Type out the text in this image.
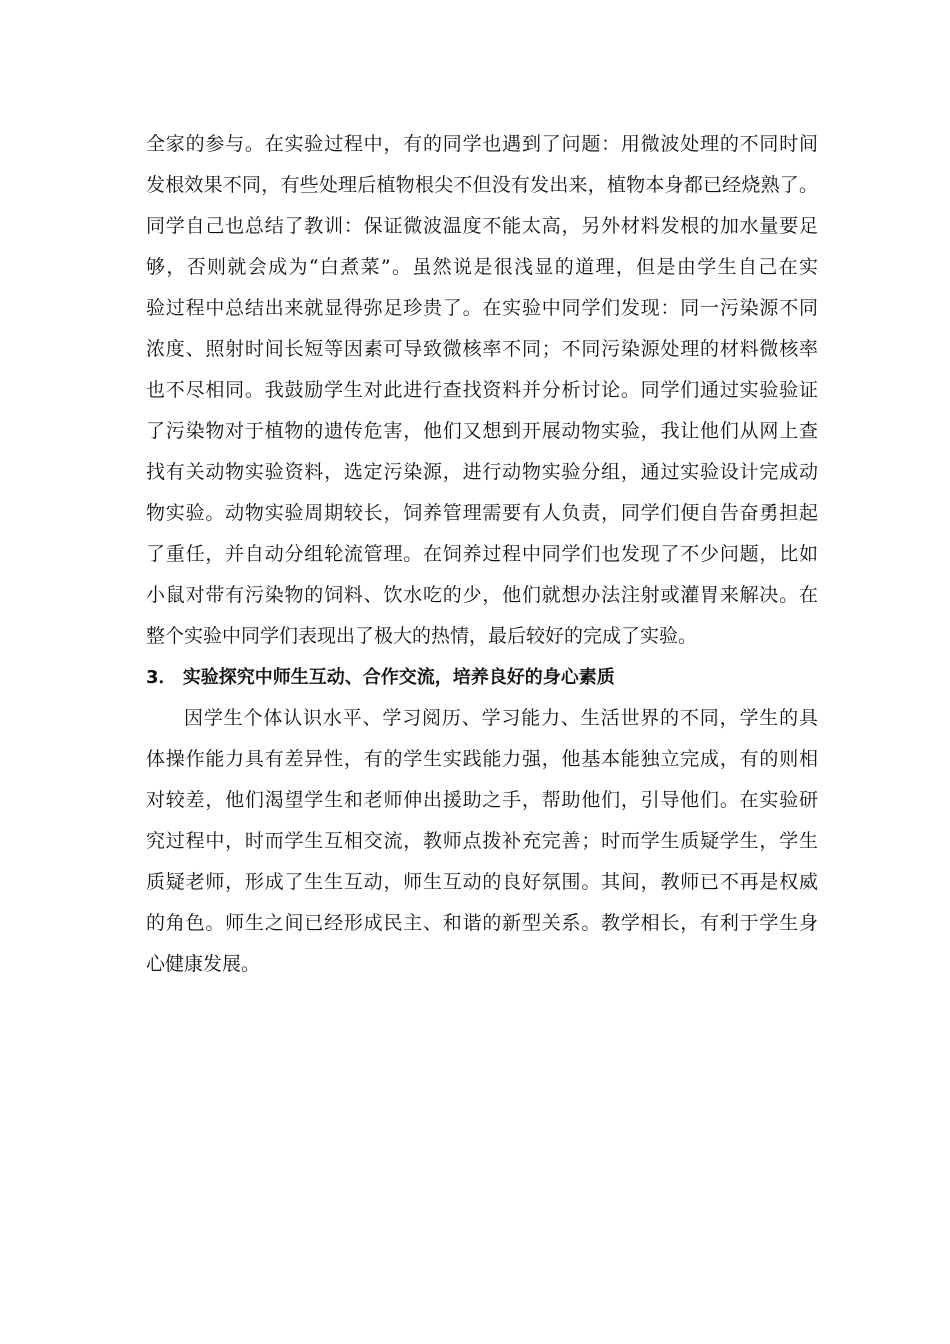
全家的参与。在实验过程中，有的同学也遇到了问题：用微波处理的不同时间
发根效果不同，有些处理后植物根尖不但没有发出来，植物本身都已经烧熟了。
同学自己也总结了教训：保证微波温度不能太高，另外材料发根的加水量要足
够，否则就会成为“白煮菜”。虽然说是很浅显的道理，但是由学生自己在实
验过程中总结出来就显得弥足珍贵了。在实验中同学们发现：同一污染源不同
浓度、照射时间长短等因素可导致微核率不同；不同污染源处理的材料微核率
也不尽相同。我鼓励学生对此进行查找资料并分析讨论。同学们通过实验验证
了污染物对于植物的遗传危害，他们又想到开展动物实验，我让他们从网上查
找有关动物实验资料，选定污染源，进行动物实验分组，通过实验设计完成动
物实验。动物实验周期较长，饲养管理需要有人负责，同学们便自告奋勇担起
了重任，并自动分组轮流管理。在饲养过程中同学们也发现了不少问题，比如
小鼠对带有污染物的饲料、饮水吃的少，他们就想办法注射或灌胃来解决。在
整个实验中同学们表现出了极大的热情，最后较好的完成了实验。
3． 实验探究中师生互动、合作交流，培养良好的身心素质
因学生个体认识水平、学习阅历、学习能力、生活世界的不同，学生的具
体操作能力具有差异性，有的学生实践能力强，他基本能独立完成，有的则相
对较差，他们渴望学生和老师伸出援助之手，帮助他们，引导他们。在实验研
究过程中，时而学生互相交流，教师点拨补充完善；时而学生质疑学生，学生
质疑老师，形成了生生互动，师生互动的良好氛围。其间，教师已不再是权威
的角色。师生之间已经形成民主、和谐的新型关系。教学相长，有利于学生身
心健康发展。
